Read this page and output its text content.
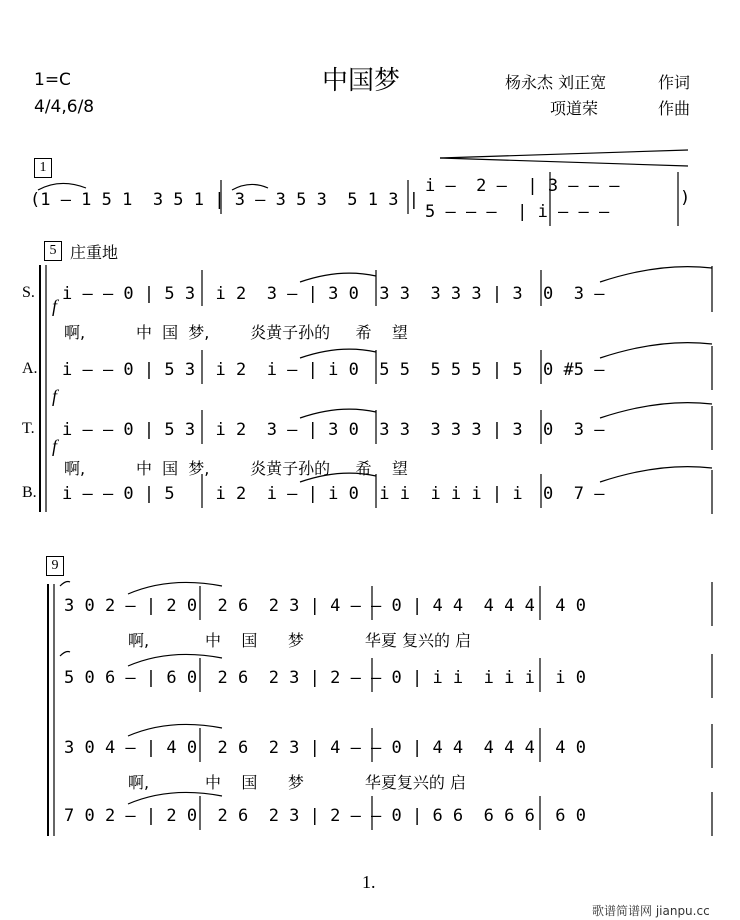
1=C
4/4,6/8
中国梦	杨永杰 刘正宽	作词
项道荣	作曲
1
(1 — 1 5 1  3 5 1 | 3 — 3 5 3  5 1 3 |
i —  2 —  | 3 — — —
5 — — —  | i — — —
)
5 庄重地
S. i — — 0 | 5 3  i 2  3 — | 3 0  3 3  3 3 3 | 3  0  3 —
f
啊,          中  国  梦,        炎黄子孙的     希    望
A. i — — 0 | 5 3  i 2  i — | i 0  5 5  5 5 5 | 5  0 #5 —
f
T. i — — 0 | 5 3  i 2  3 — | 3 0  3 3  3 3 3 | 3  0  3 —
f
啊,          中  国  梦,        炎黄子孙的     希    望
B. i — — 0 | 5    i 2  i — | i 0  i i  i i i | i  0  7 —
9
3 0 2 — | 2 0  2 6  2 3 | 4 — — 0 | 4 4  4 4 4  4 0
啊,           中    国      梦            华夏 复兴的 启
5 0 6 — | 6 0  2 6  2 3 | 2 — — 0 | i i  i i i  i 0
3 0 4 — | 4 0  2 6  2 3 | 4 — — 0 | 4 4  4 4 4  4 0
啊,           中    国      梦            华夏复兴的 启
7 0 2 — | 2 0  2 6  2 3 | 2 — — 0 | 6 6  6 6 6  6 0
1.
歌谱简谱网 jianpu.cc
